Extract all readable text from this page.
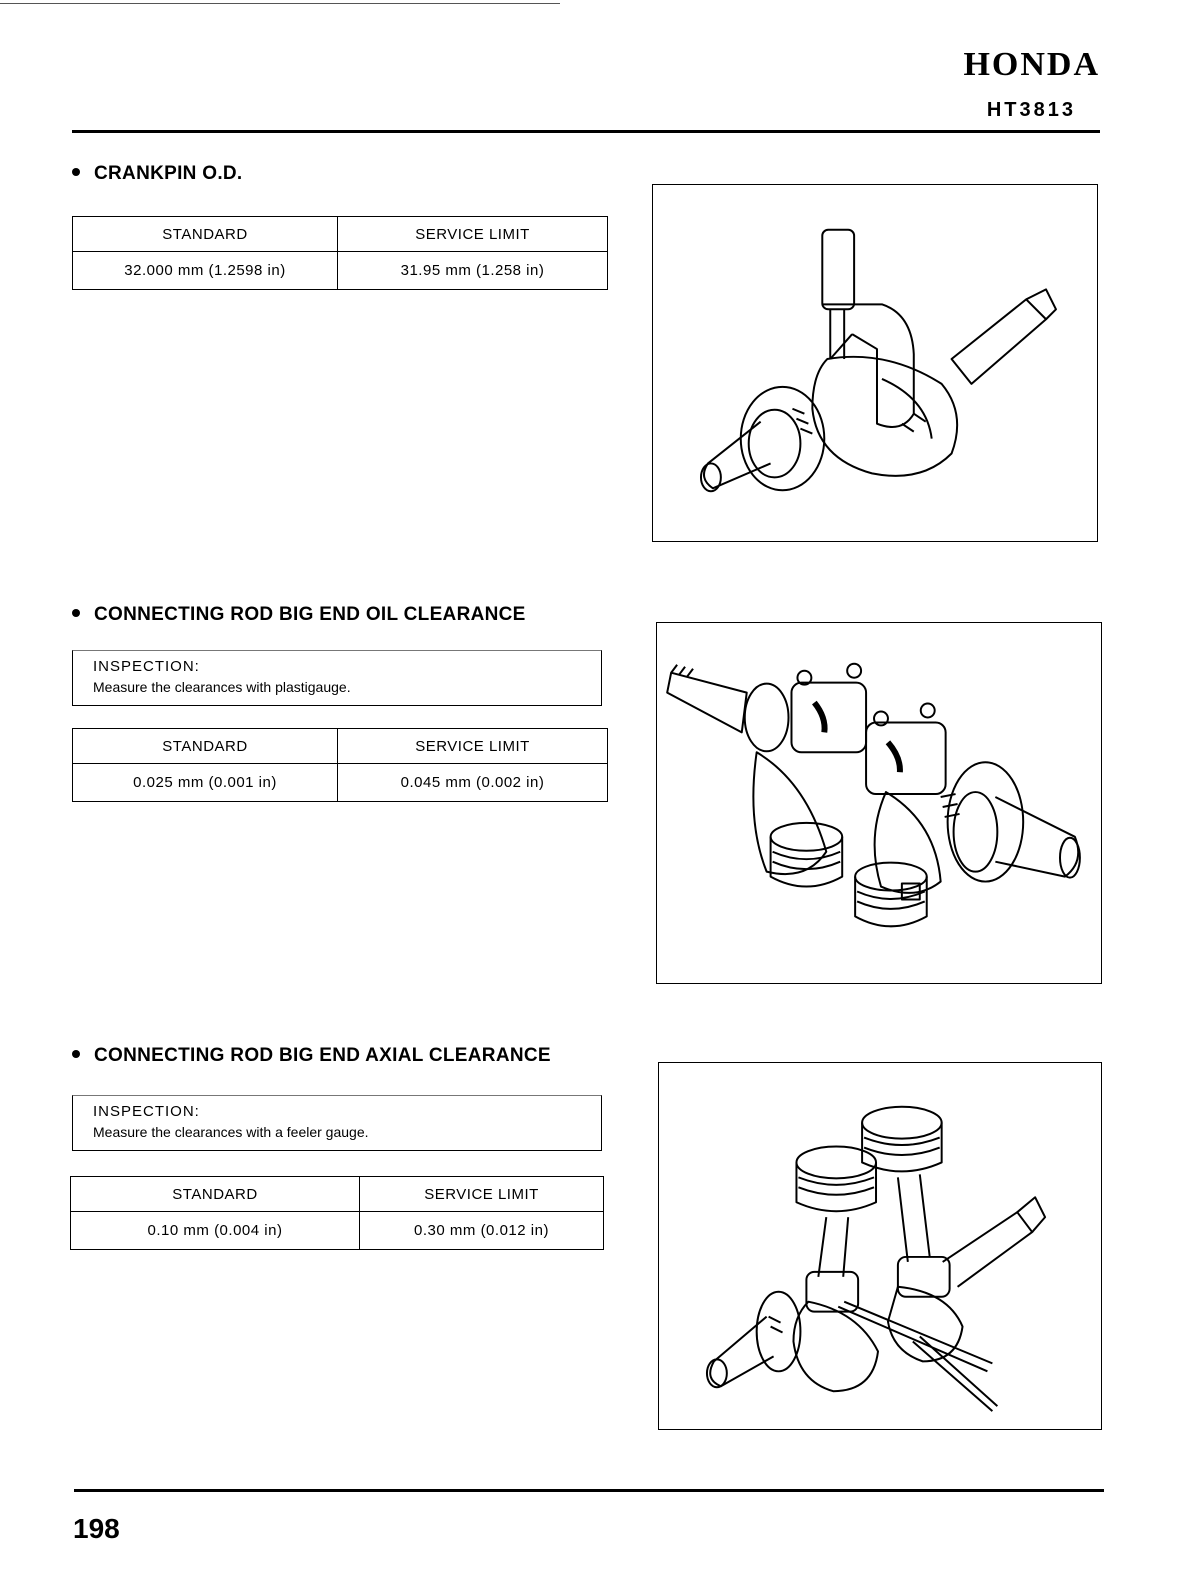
HONDA
HT3813
CRANKPIN O.D.
STANDARD	SERVICE LIMIT
32.000 mm (1.2598 in)	31.95 mm (1.258 in)
CONNECTING ROD BIG END OIL CLEARANCE
INSPECTION:
Measure the clearances with plastigauge.
STANDARD	SERVICE LIMIT
0.025 mm (0.001 in)	0.045 mm (0.002 in)
CONNECTING ROD BIG END AXIAL CLEARANCE
INSPECTION:
Measure the clearances with a feeler gauge.
STANDARD	SERVICE LIMIT
0.10 mm (0.004 in)	0.30 mm (0.012 in)
198
